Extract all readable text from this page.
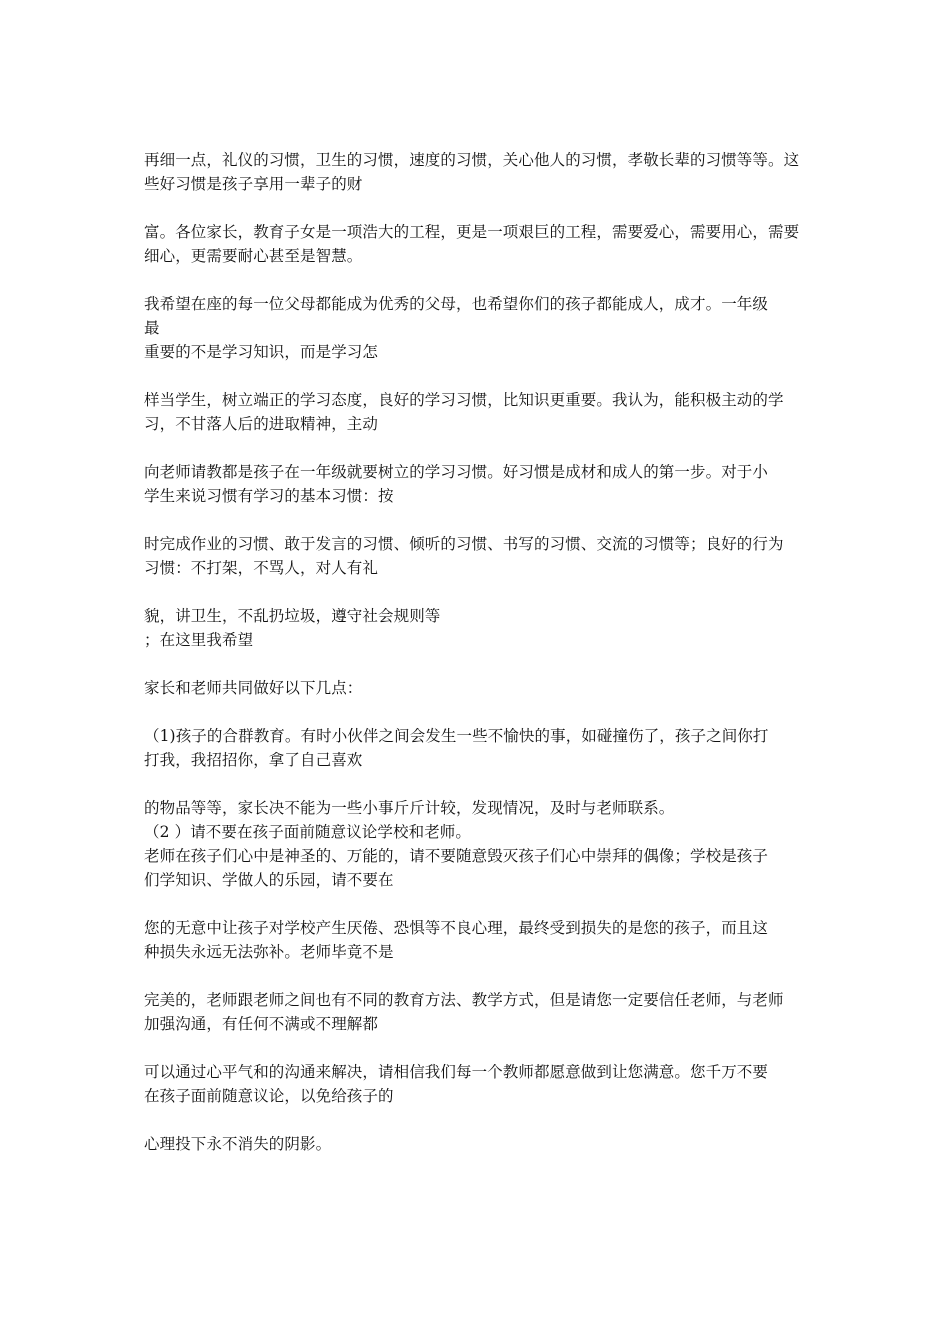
再细一点，礼仪的习惯，卫生的习惯，速度的习惯，关心他人的习惯，孝敬长辈的习惯等等。这
些好习惯是孩子享用一辈子的财
富。各位家长，教育子女是一项浩大的工程，更是一项艰巨的工程，需要爱心，需要用心，需要
细心，更需要耐心甚至是智慧。
我希望在座的每一位父母都能成为优秀的父母，也希望你们的孩子都能成人，成才。一年级
最
重要的不是学习知识，而是学习怎
样当学生，树立端正的学习态度，良好的学习习惯，比知识更重要。我认为，能积极主动的学
习，不甘落人后的进取精神，主动
向老师请教都是孩子在一年级就要树立的学习习惯。好习惯是成材和成人的第一步。对于小
学生来说习惯有学习的基本习惯：按
时完成作业的习惯、敢于发言的习惯、倾听的习惯、书写的习惯、交流的习惯等；良好的行为
习惯：不打架，不骂人，对人有礼
貌，讲卫生，不乱扔垃圾，遵守社会规则等
；在这里我希望
家长和老师共同做好以下几点：
（1)孩子的合群教育。有时小伙伴之间会发生一些不愉快的事，如碰撞伤了，孩子之间你打
打我，我招招你，拿了自己喜欢
的物品等等，家长决不能为一些小事斤斤计较，发现情况，及时与老师联系。
（2 ）请不要在孩子面前随意议论学校和老师。
老师在孩子们心中是神圣的、万能的，请不要随意毁灭孩子们心中崇拜的偶像；学校是孩子
们学知识、学做人的乐园，请不要在
您的无意中让孩子对学校产生厌倦、恐惧等不良心理，最终受到损失的是您的孩子，而且这
种损失永远无法弥补。老师毕竟不是
完美的，老师跟老师之间也有不同的教育方法、教学方式，但是请您一定要信任老师，与老师
加强沟通，有任何不满或不理解都
可以通过心平气和的沟通来解决，请相信我们每一个教师都愿意做到让您满意。您千万不要
在孩子面前随意议论，以免给孩子的
心理投下永不消失的阴影。
